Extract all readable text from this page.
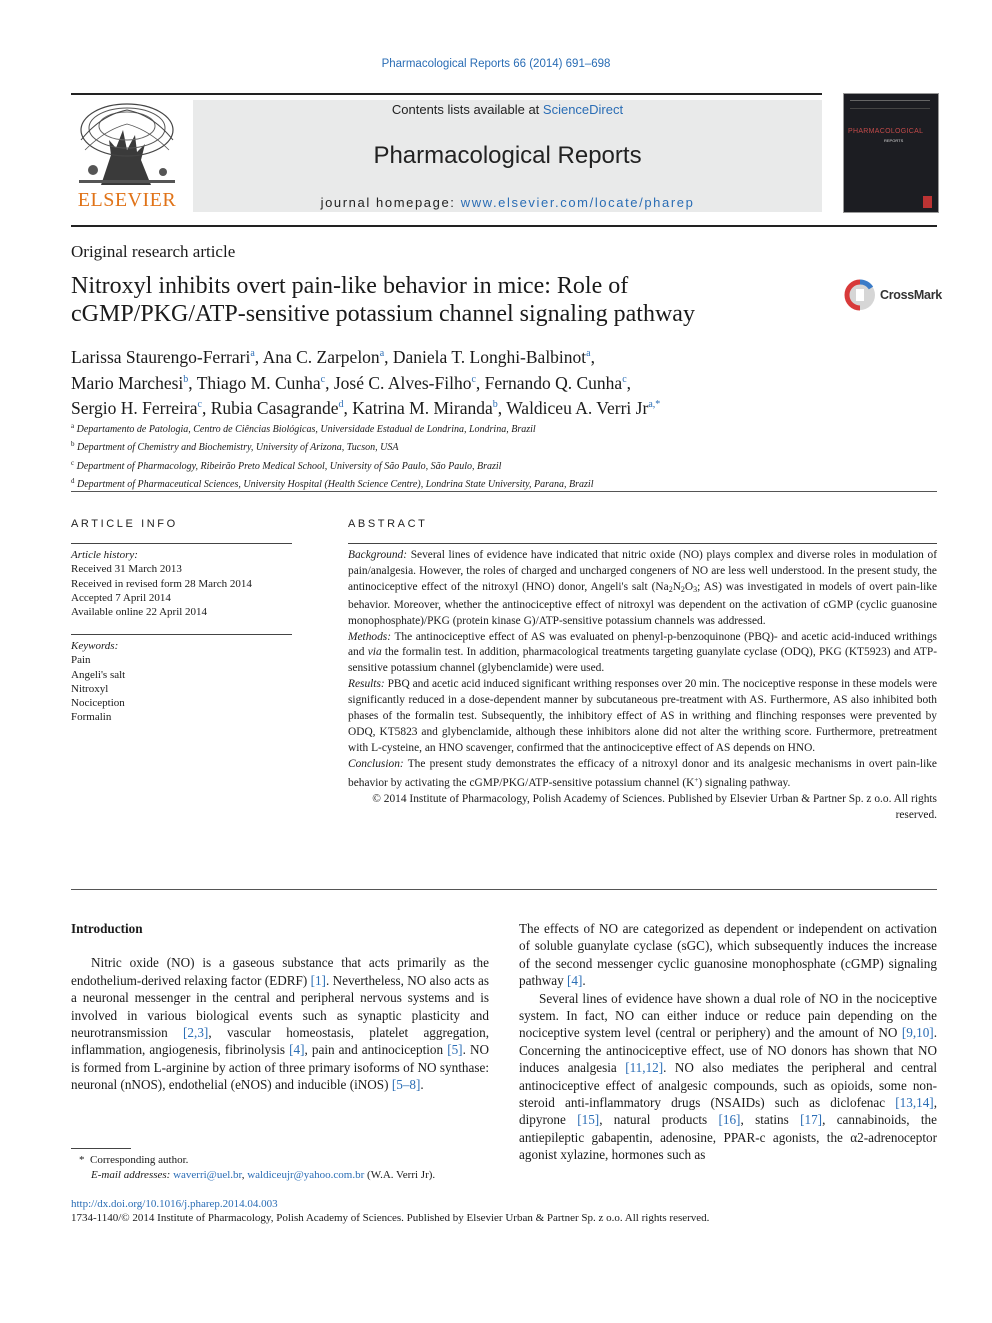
Pharmacological Reports 66 (2014) 691–698
ELSEVIER
Contents lists available at ScienceDirect
Pharmacological Reports
journal homepage: www.elsevier.com/locate/pharep
PHARMACOLOGICAL
REPORTS
Original research article
Nitroxyl inhibits overt pain-like behavior in mice: Role of
cGMP/PKG/ATP-sensitive potassium channel signaling pathway
CrossMark
Larissa Staurengo-Ferrari$^a$, Ana C. Zarpelon$^a$, Daniela T. Longhi-Balbinot$^a$,
Mario Marchesi$^b$, Thiago M. Cunha$^c$, José C. Alves-Filho$^c$, Fernando Q. Cunha$^c$,
Sergio H. Ferreira$^c$, Rubia Casagrande$^d$, Katrina M. Miranda$^b$, Waldiceu A. Verri $Jr^{a,*}$
$^a$ Departamento de Patologia, Centro de Ciências Biológicas, Universidade Estadual de Londrina, Londrina, Brazil
$^b$ Department of Chemistry and Biochemistry, University of Arizona, Tucson, USA
$^c$ Department of Pharmacology, Ribeirão Preto Medical School, University of São Paulo, São Paulo, Brazil
$^d$ Department of Pharmaceutical Sciences, University Hospital (Health Science Centre), Londrina State University, Parana, Brazil
ARTICLE INFO
Article history:
Received 31 March 2013
Received in revised form 28 March 2014
Accepted 7 April 2014
Available online 22 April 2014
Keywords:
Pain
Angeli's salt
Nitroxyl
Nociception
Formalin
ABSTRACT

Background: Several lines of evidence have indicated that nitric oxide (NO) plays complex and diverse roles in modulation of pain/analgesia. However, the roles of charged and uncharged congeners of NO are less well understood. In the present study, the antinociceptive effect of the nitroxyl (HNO) donor, Angeli's salt ($Na_2N_2O_3$; AS) was investigated in models of overt pain-like behavior. Moreover, whether the antinociceptive effect of nitroxyl was dependent on the activation of cGMP (cyclic guanosine monophosphate)/PKG (protein kinase G)/ATP-sensitive potassium channels was addressed.

Methods: The antinociceptive effect of AS was evaluated on phenyl-p-benzoquinone (PBQ)- and acetic acid-induced writhings and via the formalin test. In addition, pharmacological treatments targeting guanylate cyclase (ODQ), PKG (KT5923) and ATP-sensitive potassium channel (glybenclamide) were used.

Results: PBQ and acetic acid induced significant writhing responses over 20 min. The nociceptive response in these models were significantly reduced in a dose-dependent manner by subcutaneous pre-treatment with AS. Furthermore, AS also inhibited both phases of the formalin test. Subsequently, the inhibitory effect of AS in writhing and flinching responses were prevented by ODQ, KT5823 and glybenclamide, although these inhibitors alone did not alter the writhing score. Furthermore, pretreatment with L-cysteine, an HNO scavenger, confirmed that the antinociceptive effect of AS depends on HNO.

Conclusion: The present study demonstrates the efficacy of a nitroxyl donor and its analgesic mechanisms in overt pain-like behavior by activating the cGMP/PKG/ATP-sensitive potassium channel (K+) signaling pathway.

© 2014 Institute of Pharmacology, Polish Academy of Sciences. Published by Elsevier Urban & Partner Sp. z o.o. All rights reserved.

Introduction

Nitric oxide (NO) is a gaseous substance that acts primarily as the endothelium-derived relaxing factor (EDRF) [1]. Nevertheless, NO also acts as a neuronal messenger in the central and peripheral nervous systems and is involved in various biological events such as synaptic plasticity and neurotransmission [2,3], vascular homeostasis, platelet aggregation, inflammation, angiogenesis, fibrinolysis [4], pain and antinociception [5]. NO is formed from L-arginine by action of three primary isoforms of NO synthase: neuronal (nNOS), endothelial (eNOS) and inducible (iNOS) [5–8].

The effects of NO are categorized as dependent or independent on activation of soluble guanylate cyclase (sGC), which subsequently induces the increase of the second messenger cyclic guanosine monophosphate (cGMP) signaling pathway [4].

Several lines of evidence have shown a dual role of NO in the nociceptive system. In fact, NO can either induce or reduce pain depending on the nociceptive system level (central or periphery) and the amount of NO [9,10]. Concerning the antinociceptive effect, use of NO donors has shown that NO induces analgesia [11,12]. NO also mediates the peripheral and central antinociceptive effect of analgesic compounds, such as opioids, some non-steroid anti-inflammatory drugs (NSAIDs) such as diclofenac [13,14], dipyrone [15], natural products [16], statins [17], cannabinoids, the antiepileptic gabapentin, adenosine, PPAR-c agonists, the α2-adrenoceptor agonist xylazine, hormones such as

*  Corresponding author.
E-mail addresses: waverri@uel.br, waldiceujr@yahoo.com.br (W.A. Verri Jr).
http://dx.doi.org/10.1016/j.pharep.2014.04.003
1734-1140/© 2014 Institute of Pharmacology, Polish Academy of Sciences. Published by Elsevier Urban & Partner Sp. z o.o. All rights reserved.
